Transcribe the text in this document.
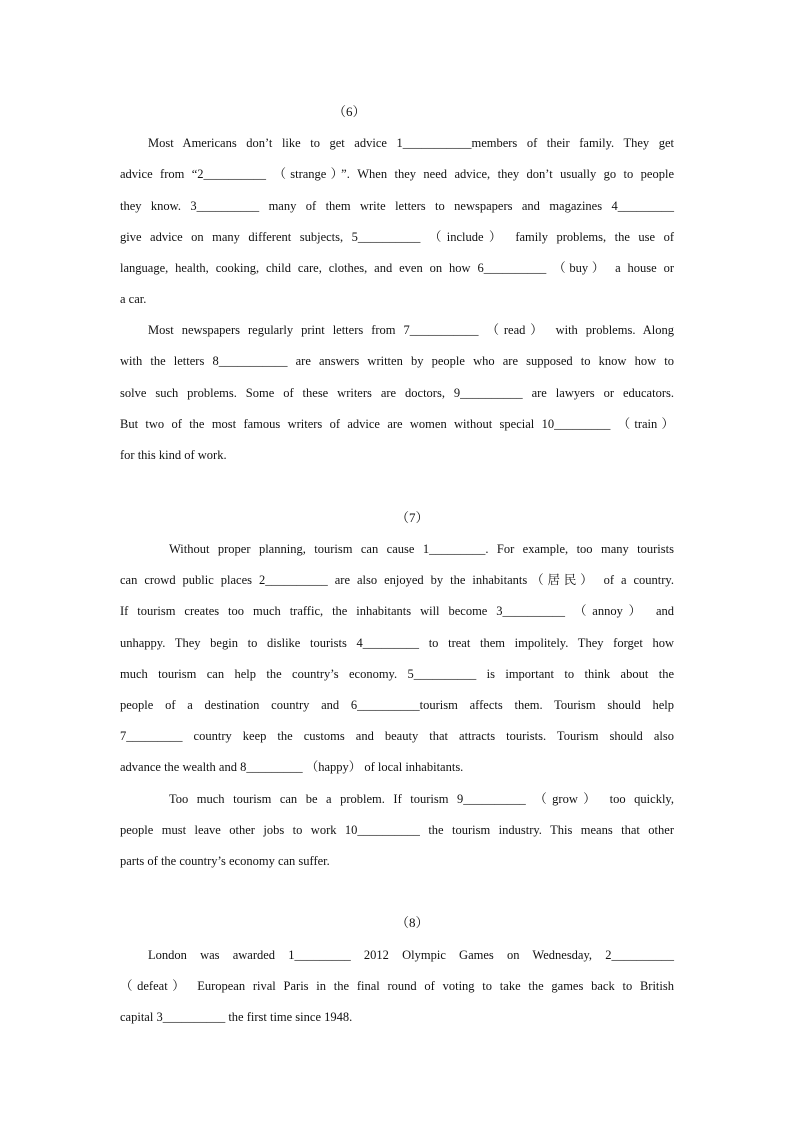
（6）
Most Americans don’t like to get advice 1___________members of their family. They get
advice from “2__________ （strange）”. When they need advice, they don’t usually go to people
they know. 3__________ many of them write letters to newspapers and magazines 4_________
give advice on many different subjects, 5__________ （include） family problems, the use of
language, health, cooking, child care, clothes, and even on how 6__________ （buy） a house or
a car.
Most newspapers regularly print letters from 7___________ （read） with problems. Along
with the letters 8___________ are answers written by people who are supposed to know how to
solve such problems. Some of these writers are doctors, 9__________ are lawyers or educators.
But two of the most famous writers of advice are women without special 10_________ （train）
for this kind of work.
（7）
Without proper planning, tourism can cause 1_________. For example, too many tourists
can crowd public places 2__________ are also enjoyed by the inhabitants（居民） of a country.
If tourism creates too much traffic, the inhabitants will become 3__________ （annoy） and
unhappy. They begin to dislike tourists 4_________ to treat them impolitely. They forget how
much tourism can help the country’s economy. 5__________ is important to think about the
people of a destination country and 6__________tourism affects them. Tourism should help
7_________ country keep the customs and beauty that attracts tourists. Tourism should also
advance the wealth and 8_________ （happy） of local inhabitants.
Too much tourism can be a problem. If tourism 9__________ （grow） too quickly,
people must leave other jobs to work 10__________ the tourism industry. This means that other
parts of the country’s economy can suffer.
（8）
London was awarded 1_________ 2012 Olympic Games on Wednesday, 2__________
（defeat） European rival Paris in the final round of voting to take the games back to British
capital 3__________ the first time since 1948.
